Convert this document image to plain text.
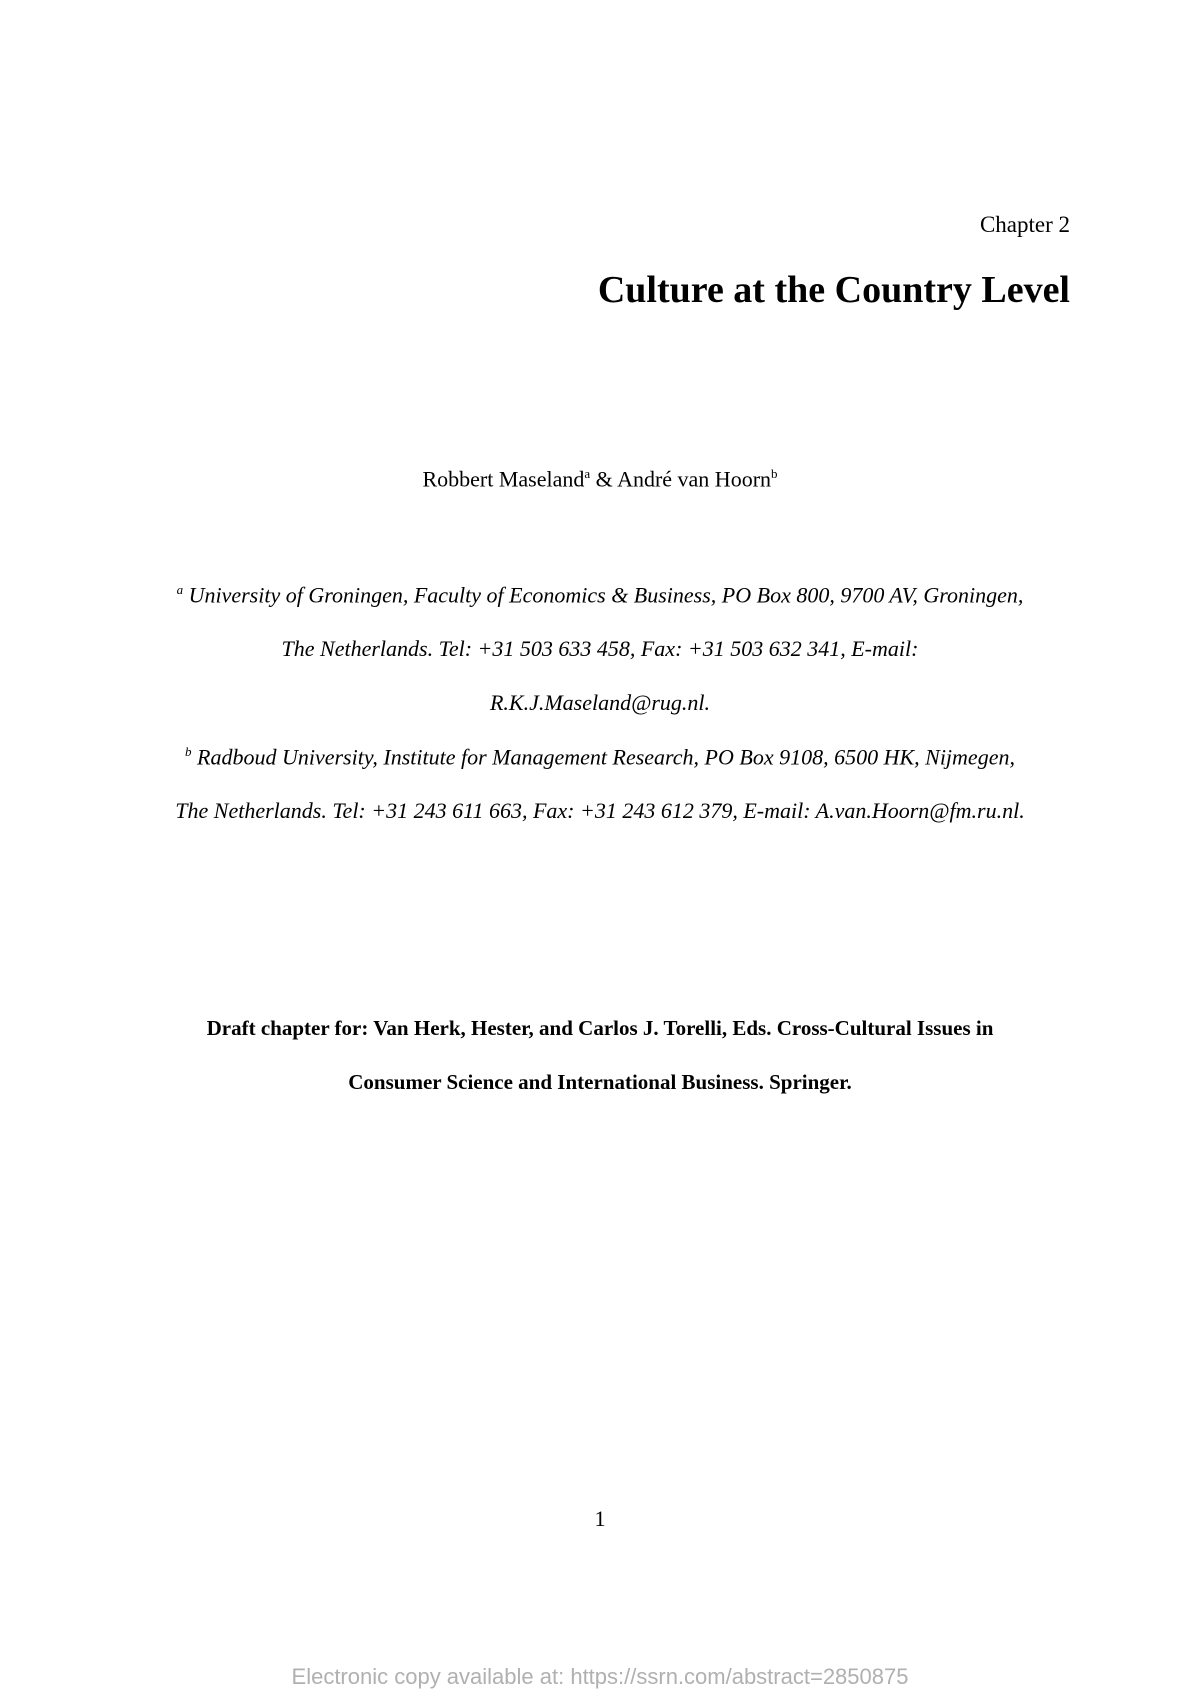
Chapter 2
Culture at the Country Level
Robbert Maseland$^a$ & André van Hoorn$^b$
$^a$ University of Groningen, Faculty of Economics & Business, PO Box 800, 9700 AV, Groningen,
The Netherlands. Tel: +31 503 633 458, Fax: +31 503 632 341, E-mail:
R.K.J.Maseland@rug.nl.
$^b$ Radboud University, Institute for Management Research, PO Box 9108, 6500 HK, Nijmegen,
The Netherlands. Tel: +31 243 611 663, Fax: +31 243 612 379, E-mail: A.van.Hoorn@fm.ru.nl.
Draft chapter for: Van Herk, Hester, and Carlos J. Torelli, Eds. Cross-Cultural Issues in
Consumer Science and International Business. Springer.
1
Electronic copy available at: https://ssrn.com/abstract=2850875
